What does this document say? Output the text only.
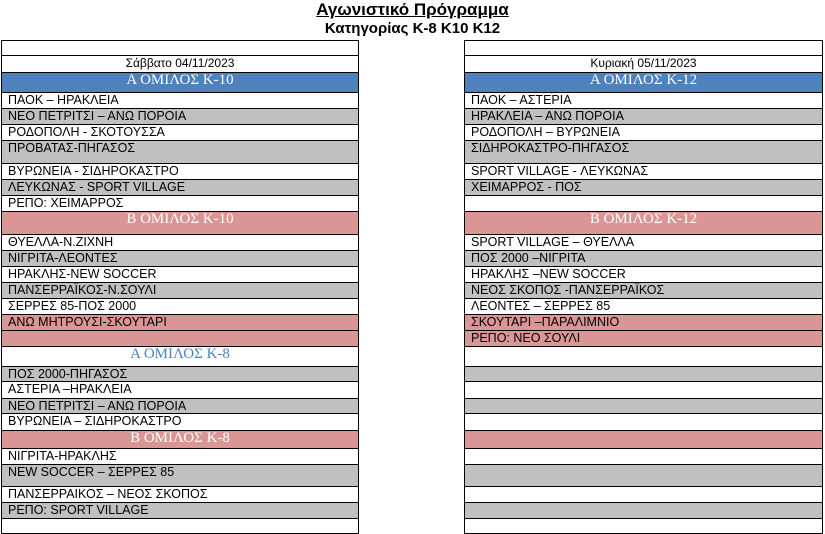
Αγωνιστικό Πρόγραμμα
Κατηγορίας Κ-8 Κ10 Κ12
Σάββατο 04/11/2023
Α ΟΜΙΛΟΣ Κ-10
ΠΑΟΚ – ΗΡΑΚΛΕΙΑ
ΝΕΟ ΠΕΤΡΙΤΣΙ – ΑΝΩ ΠΟΡΟΙΑ
ΡΟΔΟΠΟΛΗ - ΣΚΟΤΟΥΣΣΑ
ΠΡΟΒΑΤΑΣ-ΠΗΓΑΣΟΣ
ΒΥΡΩΝΕΙΑ - ΣΙΔΗΡΟΚΑΣΤΡΟ
ΛΕΥΚΩΝΑΣ - SPORT VILLAGE
ΡΕΠΟ: ΧΕΙΜΑΡΡΟΣ
Β ΟΜΙΛΟΣ Κ-10
ΘΥΕΛΛΑ-Ν.ΖΙΧΝΗ
ΝΙΓΡΙΤΑ-ΛΕΟΝΤΕΣ
ΗΡΑΚΛΗΣ-NEW SOCCER
ΠΑΝΣΕΡΡΑΪΚΟΣ-Ν.ΣΟΥΛΙ
ΣΕΡΡΕΣ 85-ΠΟΣ 2000
ΑΝΩ ΜΗΤΡΟΥΣΙ-ΣΚΟΥΤΑΡΙ
Α ΟΜΙΛΟΣ Κ-8
ΠΟΣ 2000-ΠΗΓΑΣΟΣ
ΑΣΤΕΡΙΑ –ΗΡΑΚΛΕΙΑ
ΝΕΟ ΠΕΤΡΙΤΣΙ – ΑΝΩ ΠΟΡΟΙΑ
ΒΥΡΩΝΕΙΑ – ΣΙΔΗΡΟΚΑΣΤΡΟ
Β ΟΜΙΛΟΣ Κ-8
ΝΙΓΡΙΤΑ-ΗΡΑΚΛΗΣ
NEW SOCCER – ΣΕΡΡΕΣ 85
ΠΑΝΣΕΡΡΑΙΚΟΣ – ΝΕΟΣ ΣΚΟΠΟΣ
ΡΕΠΟ: SPORT VILLAGE
Κυριακή 05/11/2023
Α ΟΜΙΛΟΣ Κ-12
ΠΑΟΚ – ΑΣΤΕΡΙΑ
ΗΡΑΚΛΕΙΑ – ΑΝΩ ΠΟΡΟΙΑ
ΡΟΔΟΠΟΛΗ – ΒΥΡΩΝΕΙΑ
ΣΙΔΗΡΟΚΑΣΤΡΟ-ΠΗΓΑΣΟΣ
SPORT VILLAGE - ΛΕΥΚΩΝΑΣ
ΧΕΙΜΑΡΡΟΣ - ΠΟΣ
Β ΟΜΙΛΟΣ Κ-12
SPORT VILLAGE – ΘΥΕΛΛΑ
ΠΟΣ 2000 –ΝΙΓΡΙΤΑ
ΗΡΑΚΛΗΣ –NEW SOCCER
ΝΕΟΣ ΣΚΟΠΟΣ -ΠΑΝΣΕΡΡΑΪΚΟΣ
ΛΕΟΝΤΕΣ – ΣΕΡΡΕΣ 85
ΣΚΟΥΤΑΡΙ –ΠΑΡΑΛΙΜΝΙΟ
ΡΕΠΟ: ΝΕΟ ΣΟΥΛΙ
